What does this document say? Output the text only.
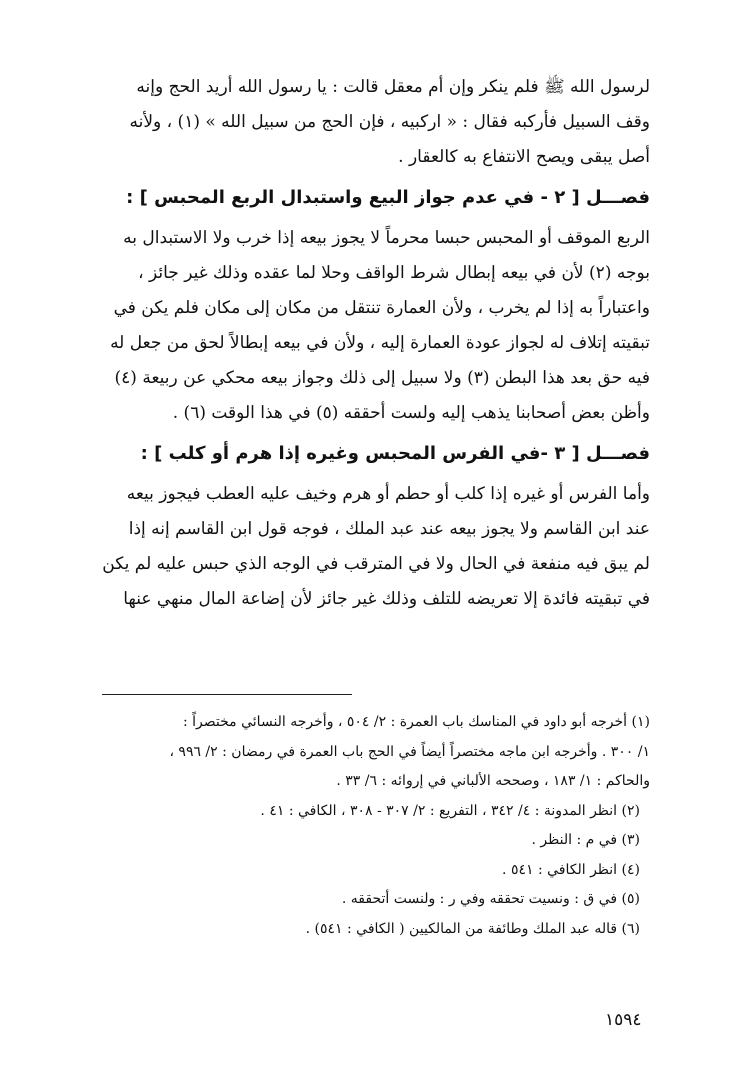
لرسول الله ﷺ فلم ينكر وإن أم معقل قالت : يا رسول الله أريد الحج وإنه

وقف السبيل فأركبه فقال : « اركبيه ، فإن الحج من سبيل الله » (١) ، ولأنه

أصل يبقى ويصح الانتفاع به كالعقار .

فصـــل [ ٢ - في عدم جواز البيع واستبدال الربع المحبس ] :

الربع الموقف أو المحبس حبسا محرماً لا يجوز بيعه إذا خرب ولا الاستبدال به

بوجه (٢) لأن في بيعه إبطال شرط الواقف وحلا لما عقده وذلك غير جائز ،

واعتباراً به إذا لم يخرب ، ولأن العمارة تنتقل من مكان إلى مكان فلم يكن في

تبقيته إتلاف له لجواز عودة العمارة إليه ، ولأن في بيعه إبطالاً لحق من جعل له

فيه حق بعد هذا البطن (٣) ولا سبيل إلى ذلك وجواز بيعه محكي عن ربيعة (٤)

وأظن بعض أصحابنا يذهب إليه ولست أحققه (٥) في هذا الوقت (٦) .

فصـــل [ ٣ -في الفرس المحبس وغيره إذا هرم أو كلب ] :

وأما الفرس أو غيره إذا كلب أو حطم أو هرم وخيف عليه العطب فيجوز بيعه

عند ابن القاسم ولا يجوز بيعه عند عبد الملك ، فوجه قول ابن القاسم إنه إذا

لم يبق فيه منفعة في الحال ولا في المترقب في الوجه الذي حبس عليه لم يكن

في تبقيته فائدة إلا تعريضه للتلف وذلك غير جائز لأن إضاعة المال منهي عنها

(١) أخرجه أبو داود في المناسك باب العمرة : ٢/ ٥٠٤ ، وأخرجه النسائي مختصراً :

١/ ٣٠٠ . وأخرجه ابن ماجه مختصراً أيضاً في الحج باب العمرة في رمضان : ٢/ ٩٩٦ ،

والحاكم : ١/ ١٨٣ ، وصححه الألباني في إروائه : ٦/ ٣٣ .

(٢) انظر المدونة : ٤/ ٣٤٢ ، التفريع : ٢/ ٣٠٧ - ٣٠٨ ، الكافي : ٤١ .

(٣) في م : النظر .

(٤) انظر الكافي : ٥٤١ .

(٥) في ق : ونسيت تحققه وفي ر : ولنست أتحققه .

(٦) قاله عبد الملك وطائفة من المالكيين ( الكافي : ٥٤١) .

١٥٩٤
